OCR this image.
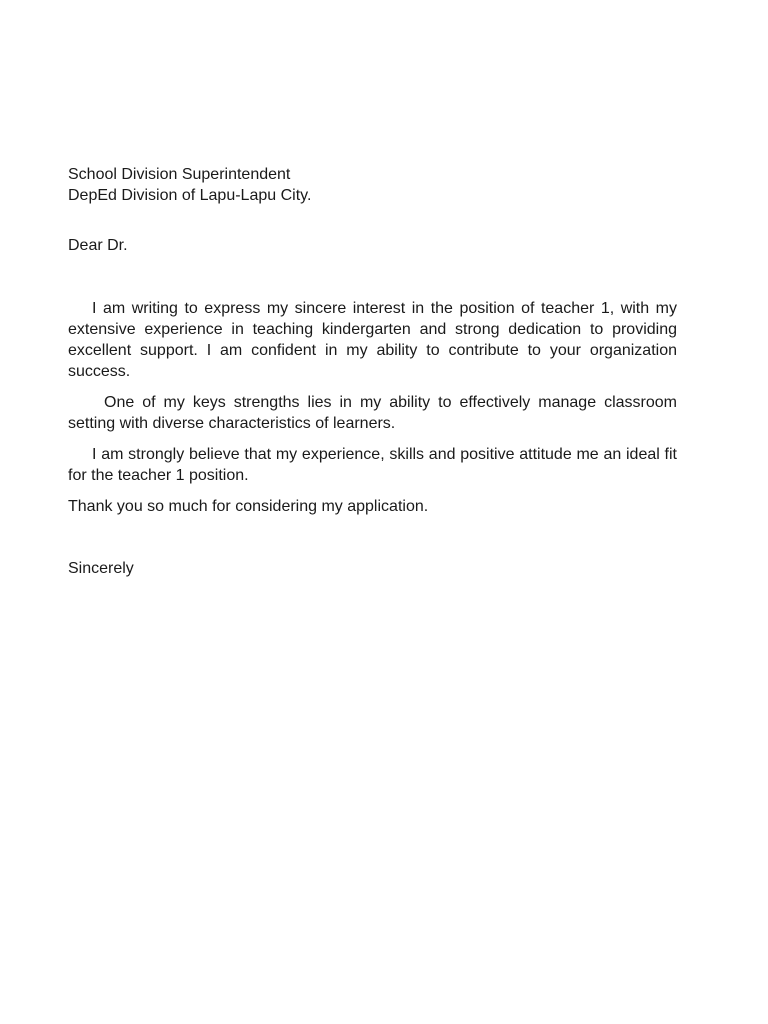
School Division Superintendent
DepEd Division of Lapu-Lapu City.
Dear Dr.

I am writing to express my sincere interest in the position of teacher 1, with my extensive experience in teaching kindergarten and strong dedication to providing excellent support. I am confident in my ability to contribute to your organization success.

One of my keys strengths lies in my ability to effectively manage classroom setting with diverse characteristics of learners.

I am strongly believe that my experience, skills and positive attitude me an ideal fit for the teacher 1 position.

Thank you so much for considering my application.

Sincerely
